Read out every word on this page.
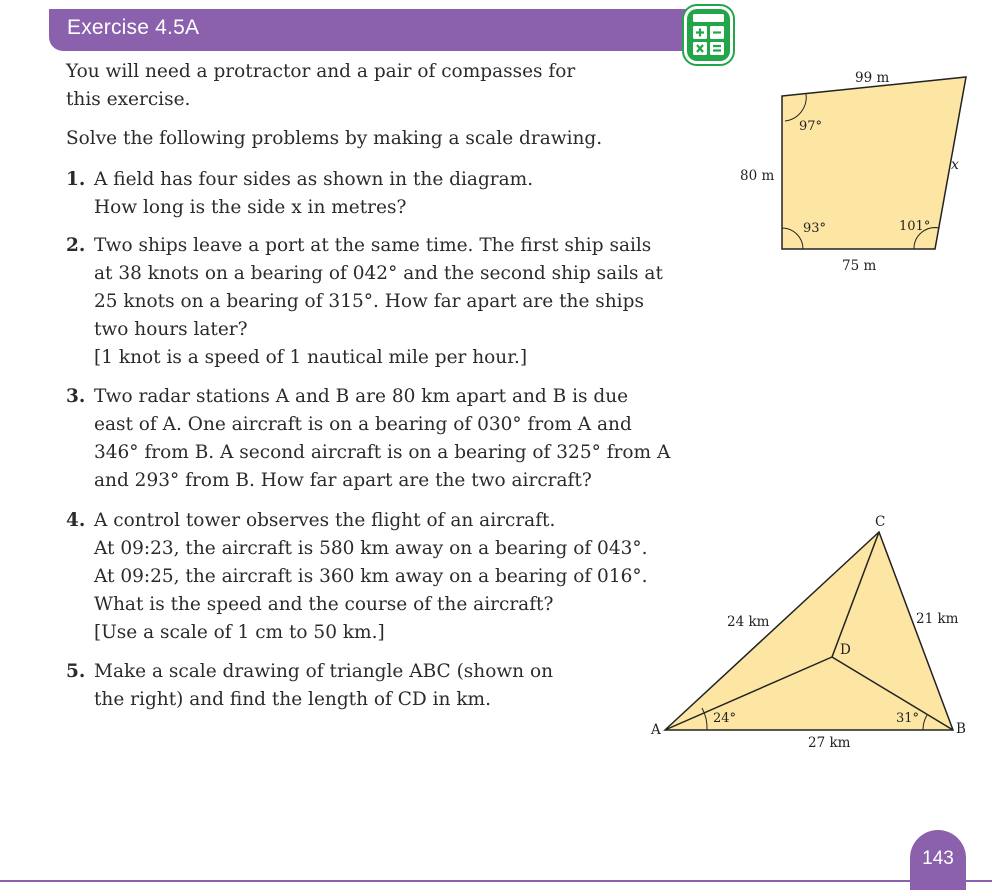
Exercise 4.5A
You will need a protractor and a pair of compasses for
this exercise.
Solve the following problems by making a scale drawing.
1. A field has four sides as shown in the diagram.
How long is the side x in metres?
2. Two ships leave a port at the same time. The first ship sails
at 38 knots on a bearing of 042° and the second ship sails at
25 knots on a bearing of 315°. How far apart are the ships
two hours later?
[1 knot is a speed of 1 nautical mile per hour.]
3. Two radar stations A and B are 80 km apart and B is due
east of A. One aircraft is on a bearing of 030° from A and
346° from B. A second aircraft is on a bearing of 325° from A
and 293° from B. How far apart are the two aircraft?
4. A control tower observes the flight of an aircraft.
At 09:23, the aircraft is 580 km away on a bearing of 043°.
At 09:25, the aircraft is 360 km away on a bearing of 016°.
What is the speed and the course of the aircraft?
[Use a scale of 1 cm to 50 km.]
5. Make a scale drawing of triangle ABC (shown on
the right) and find the length of CD in km.
99 m
80 m
x
75 m
97°
93°	101°
A	B
C
D
24 km	21 km
27 km
24°	31°
143
